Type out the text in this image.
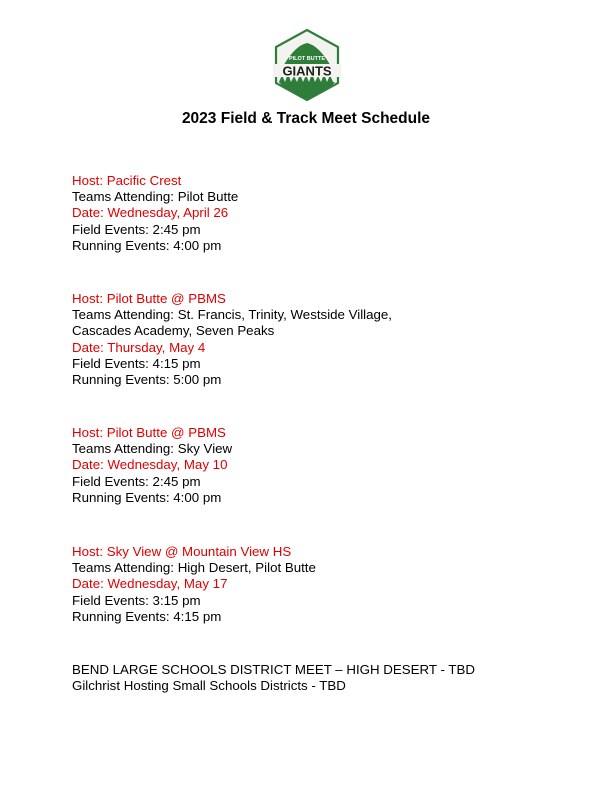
PILOT BUTTE
GIANTS
2023 Field & Track Meet Schedule
Host: Pacific Crest
Teams Attending: Pilot Butte
Date: Wednesday, April 26
Field Events: 2:45 pm
Running Events: 4:00 pm
Host: Pilot Butte @ PBMS
Teams Attending: St. Francis, Trinity, Westside Village,
Cascades Academy, Seven Peaks
Date: Thursday, May 4
Field Events: 4:15 pm
Running Events: 5:00 pm
Host: Pilot Butte @ PBMS
Teams Attending: Sky View
Date: Wednesday, May 10
Field Events: 2:45 pm
Running Events: 4:00 pm
Host: Sky View @ Mountain View HS
Teams Attending: High Desert, Pilot Butte
Date: Wednesday, May 17
Field Events: 3:15 pm
Running Events: 4:15 pm
BEND LARGE SCHOOLS DISTRICT MEET – HIGH DESERT - TBD
Gilchrist Hosting Small Schools Districts - TBD
